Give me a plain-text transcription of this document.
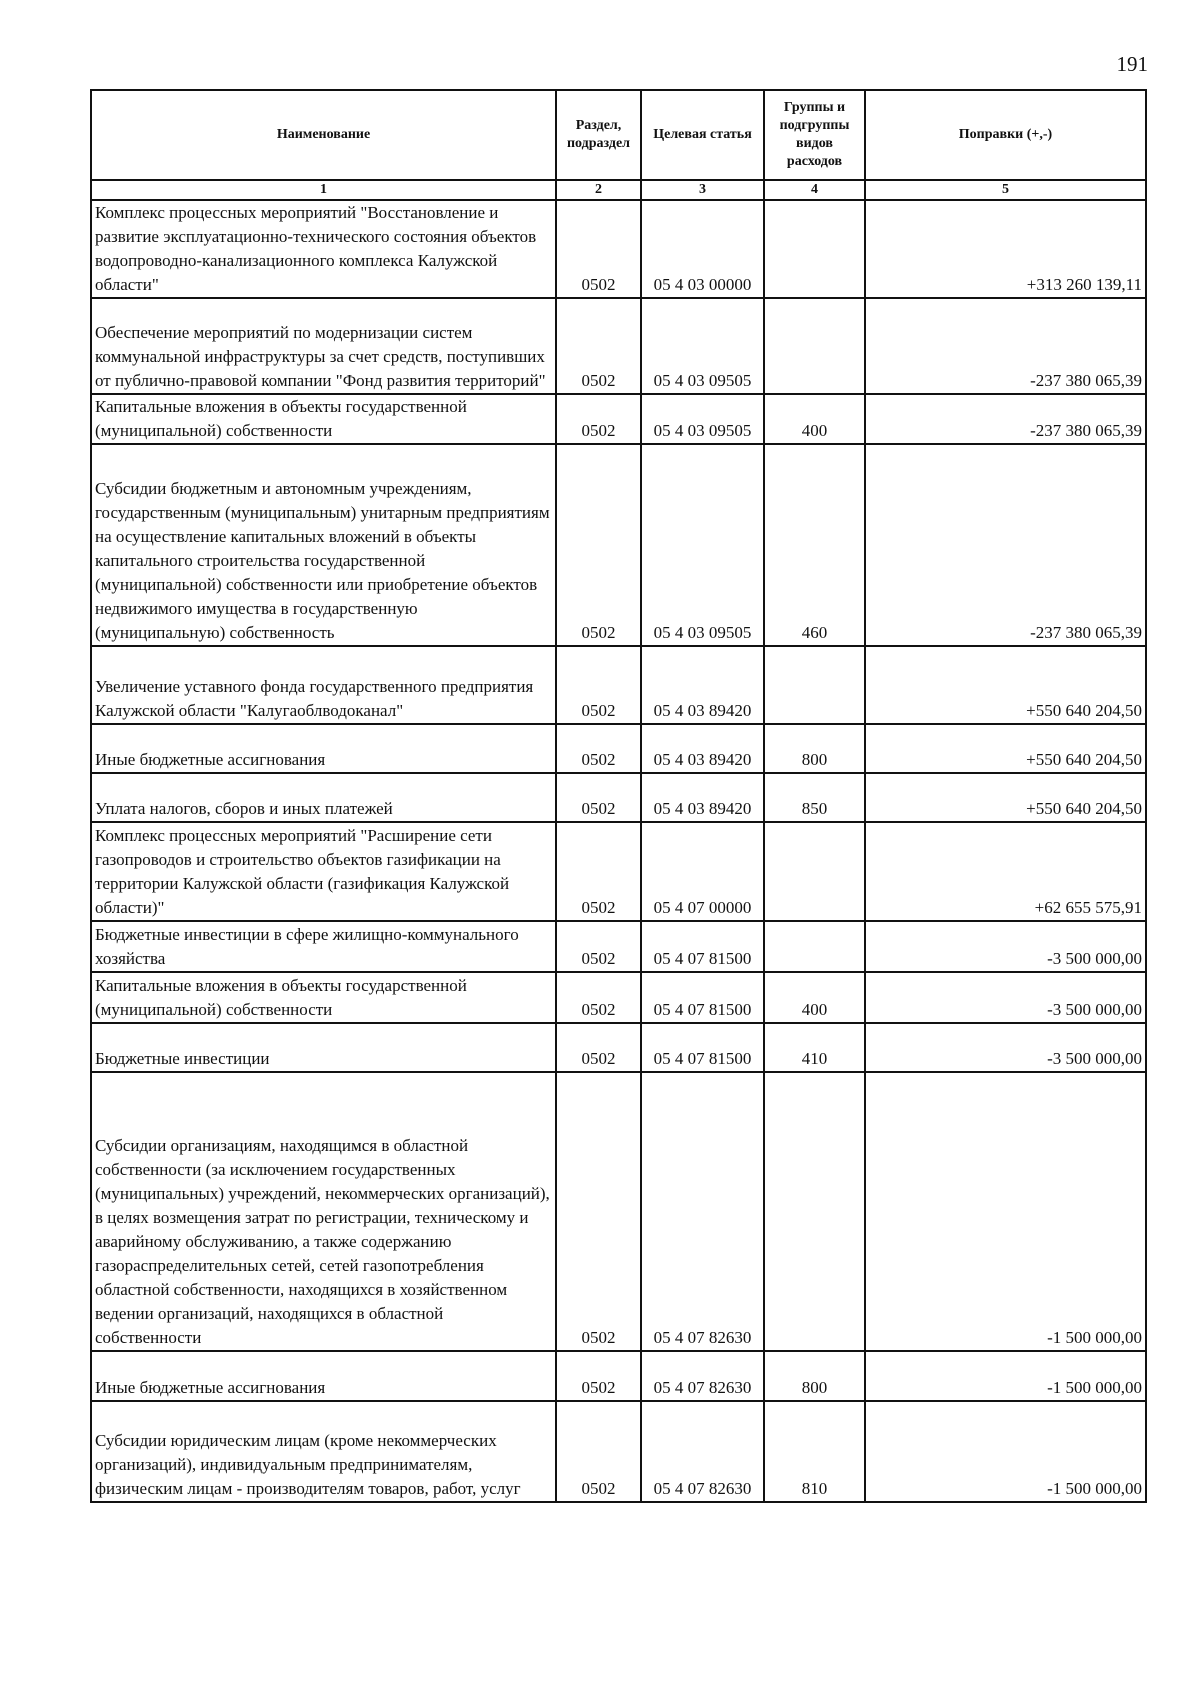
191
Наименование	Раздел, подраздел	Целевая статья	Группы и подгруппы видов расходов	Поправки (+,-)
1	2	3	4	5
Комплекс процессных мероприятий "Восстановление и развитие эксплуатационно-технического состояния объектов водопроводно-канализационного комплекса Калужской области"	0502	05 4 03 00000		+313 260 139,11
Обеспечение мероприятий по модернизации систем коммунальной инфраструктуры за счет средств, поступивших от публично-правовой компании "Фонд развития территорий"	0502	05 4 03 09505		-237 380 065,39
Капитальные вложения в объекты государственной (муниципальной) собственности	0502	05 4 03 09505	400	-237 380 065,39
Субсидии бюджетным и автономным учреждениям, государственным (муниципальным) унитарным предприятиям на осуществление капитальных вложений в объекты капитального строительства государственной (муниципальной) собственности или приобретение объектов недвижимого имущества в государственную (муниципальную) собственность	0502	05 4 03 09505	460	-237 380 065,39
Увеличение уставного фонда государственного предприятия Калужской области "Калугаоблводоканал"	0502	05 4 03 89420		+550 640 204,50
Иные бюджетные ассигнования	0502	05 4 03 89420	800	+550 640 204,50
Уплата налогов, сборов и иных платежей	0502	05 4 03 89420	850	+550 640 204,50
Комплекс процессных мероприятий "Расширение сети газопроводов и строительство объектов газификации на территории Калужской области (газификация Калужской области)"	0502	05 4 07 00000		+62 655 575,91
Бюджетные инвестиции в сфере жилищно-коммунального хозяйства	0502	05 4 07 81500		-3 500 000,00
Капитальные вложения в объекты государственной (муниципальной) собственности	0502	05 4 07 81500	400	-3 500 000,00
Бюджетные инвестиции	0502	05 4 07 81500	410	-3 500 000,00
Субсидии организациям, находящимся в областной собственности (за исключением государственных (муниципальных) учреждений, некоммерческих организаций), в целях возмещения затрат по регистрации, техническому и аварийному обслуживанию, а также содержанию газораспределительных сетей, сетей газопотребления областной собственности, находящихся в хозяйственном ведении организаций, находящихся в областной собственности	0502	05 4 07 82630		-1 500 000,00
Иные бюджетные ассигнования	0502	05 4 07 82630	800	-1 500 000,00
Субсидии юридическим лицам (кроме некоммерческих организаций), индивидуальным предпринимателям, физическим лицам - производителям товаров, работ, услуг	0502	05 4 07 82630	810	-1 500 000,00
